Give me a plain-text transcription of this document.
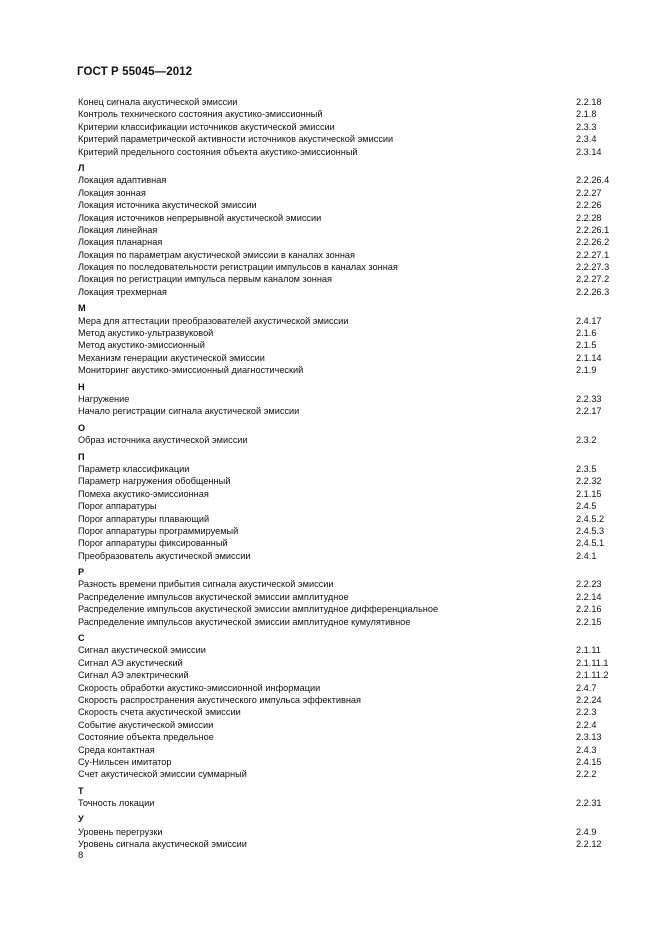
ГОСТ Р 55045—2012
Конец сигнала акустической эмиссии	2.2.18
Контроль технического состояния акустико-эмиссионный	2.1.8
Критерии классификации источников акустической эмиссии	2.3.3
Критерий параметрической активности источников акустической эмиссии	2.3.4
Критерий предельного состояния объекта акустико-эмиссионный	2.3.14
Л
Локация адаптивная	2.2.26.4
Локация зонная	2.2.27
Локация источника акустической эмиссии	2.2.26
Локация источников непрерывной акустической эмиссии	2.2.28
Локация линейная	2.2.26.1
Локация планарная	2.2.26.2
Локация по параметрам акустической эмиссии в каналах зонная	2.2.27.1
Локация по последовательности регистрации импульсов в каналах зонная	2.2.27.3
Локация по регистрации импульса первым каналом зонная	2.2.27.2
Локация трехмерная	2.2.26.3
М
Мера для аттестации преобразователей акустической эмиссии	2.4.17
Метод акустико-ультразвуковой	2.1.6
Метод акустико-эмиссионный	2.1.5
Механизм генерации акустической эмиссии	2.1.14
Мониторинг акустико-эмиссионный диагностический	2.1.9
Н
Нагружение	2.2.33
Начало регистрации сигнала акустической эмиссии	2.2.17
О
Образ источника акустической эмиссии	2.3.2
П
Параметр классификации	2.3.5
Параметр нагружения обобщенный	2.2.32
Помеха акустико-эмиссионная	2.1.15
Порог аппаратуры	2.4.5
Порог аппаратуры плавающий	2.4.5.2
Порог аппаратуры программируемый	2.4.5.3
Порог аппаратуры фиксированный	2.4.5.1
Преобразователь акустической эмиссии	2.4.1
Р
Разность времени прибытия сигнала акустической эмиссии	2.2.23
Распределение импульсов акустической эмиссии амплитудное	2.2.14
Распределение импульсов акустической эмиссии амплитудное дифференциальное	2.2.16
Распределение импульсов акустической эмиссии амплитудное кумулятивное	2.2.15
С
Сигнал акустической эмиссии	2.1.11
Сигнал АЭ акустический	2.1.11.1
Сигнал АЭ электрический	2.1.11.2
Скорость обработки акустико-эмиссионной информации	2.4.7
Скорость распространения акустического импульса эффективная	2.2.24
Скорость счета акустической эмиссии	2.2.3
Событие акустической эмиссии	2.2.4
Состояние объекта предельное	2.3.13
Среда контактная	2.4.3
Су-Нильсен имитатор	2.4.15
Счет акустической эмиссии суммарный	2.2.2
Т
Точность локации	2.2.31
У
Уровень перегрузки	2.4.9
Уровень сигнала акустической эмиссии	2.2.12
8
